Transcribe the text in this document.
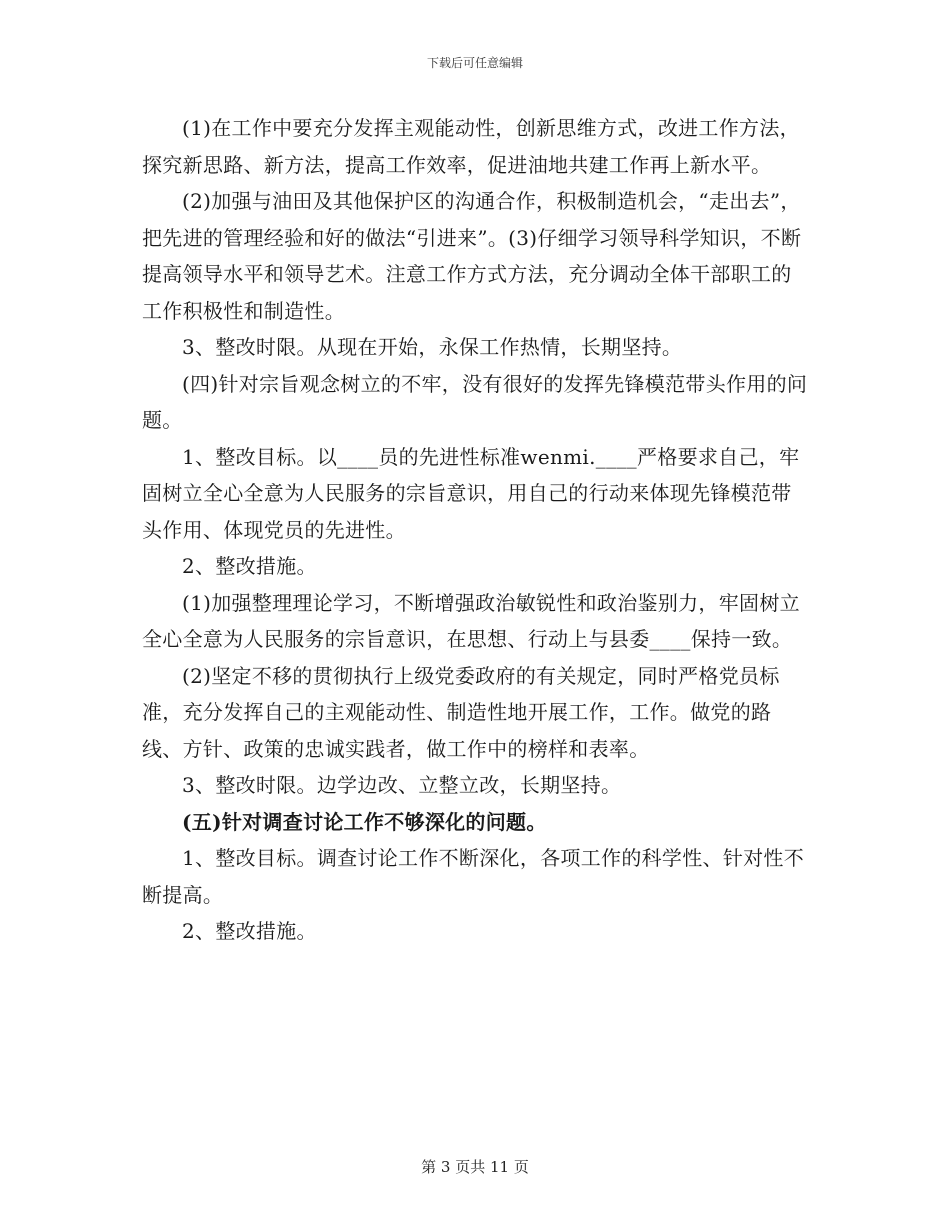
下载后可任意编辑

(1)在工作中要充分发挥主观能动性，创新思维方式，改进工作方法，探究新思路、新方法，提高工作效率，促进油地共建工作再上新水平。

(2)加强与油田及其他保护区的沟通合作，积极制造机会，“走出去”，把先进的管理经验和好的做法“引进来”。(3)仔细学习领导科学知识，不断提高领导水平和领导艺术。注意工作方式方法，充分调动全体干部职工的工作积极性和制造性。

3、整改时限。从现在开始，永保工作热情，长期坚持。

(四)针对宗旨观念树立的不牢，没有很好的发挥先锋模范带头作用的问题。

1、整改目标。以____员的先进性标准wenmi.____严格要求自己，牢固树立全心全意为人民服务的宗旨意识，用自己的行动来体现先锋模范带头作用、体现党员的先进性。

2、整改措施。

(1)加强整理理论学习，不断增强政治敏锐性和政治鉴别力，牢固树立全心全意为人民服务的宗旨意识，在思想、行动上与县委____保持一致。

(2)坚定不移的贯彻执行上级党委政府的有关规定，同时严格党员标准，充分发挥自己的主观能动性、制造性地开展工作，工作。做党的路线、方针、政策的忠诚实践者，做工作中的榜样和表率。

3、整改时限。边学边改、立整立改，长期坚持。

(五)针对调查讨论工作不够深化的问题。

1、整改目标。调查讨论工作不断深化，各项工作的科学性、针对性不断提高。

2、整改措施。

第 3 页共 11 页
